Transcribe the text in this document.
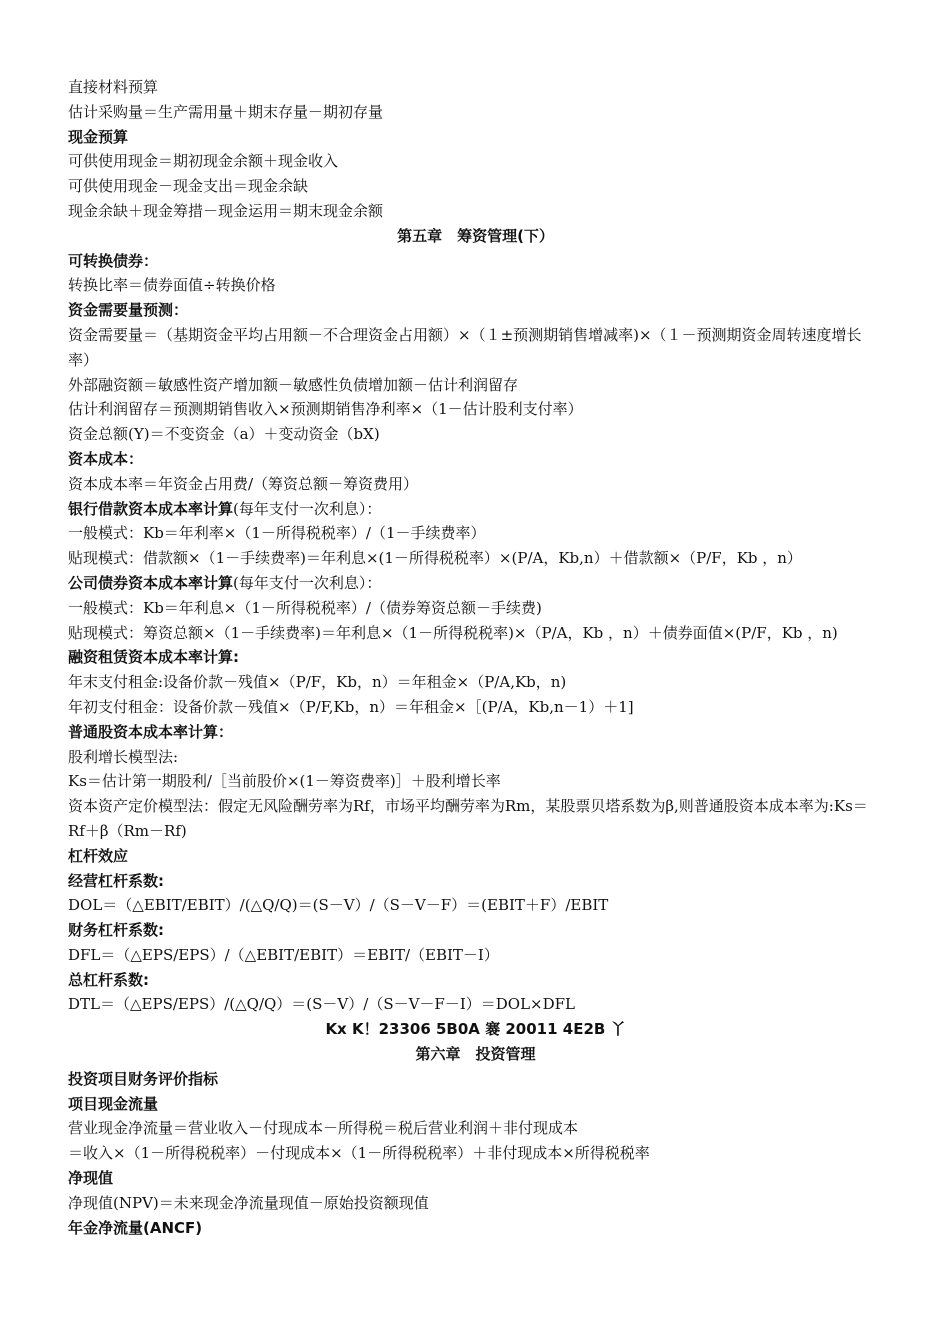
直接材料预算
估计采购量＝生产需用量＋期末存量－期初存量
现金预算
可供使用现金＝期初现金余额＋现金收入
可供使用现金－现金支出＝现金余缺
现金余缺＋现金筹措－现金运用＝期末现金余额
第五章　筹资管理(下）
可转换债券：
转换比率＝债券面值÷转换价格
资金需要量预测：
资金需要量＝（基期资金平均占用额－不合理资金占用额）×（１±预测期销售增减率)×（１－预测期资金周转速度增长率）
外部融资额＝敏感性资产增加额－敏感性负债增加额－估计利润留存
估计利润留存＝预测期销售收入×预测期销售净利率×（1－估计股利支付率）
资金总额(Y)＝不变资金（a）＋变动资金（bX)
资本成本：
资本成本率＝年资金占用费/（筹资总额－筹资费用）
银行借款资本成本率计算(每年支付一次利息）：
一般模式：Kb＝年利率×（1－所得税税率）/（1－手续费率）
贴现模式：借款额×（1－手续费率)＝年利息×(1－所得税税率）×(P/A，Kb,n）＋借款额×（P/F，Kb ，n）
公司债券资本成本率计算(每年支付一次利息）：
一般模式：Kb＝年利息×（1－所得税税率）/（债券筹资总额－手续费)
贴现模式：筹资总额×（1－手续费率)＝年利息×（1－所得税税率)×（P/A，Kb ，n）＋债券面值×(P/F，Kb ，n)
融资租赁资本成本率计算:
年末支付租金:设备价款－残值×（P/F，Kb，n）＝年租金×（P/A,Kb，n)
年初支付租金：设备价款－残值×（P/F,Kb，n）＝年租金×［(P/A，Kb,n－1）＋1]
普通股资本成本率计算：
股利增长模型法:
Ks＝估计第一期股利/［当前股价×(1－筹资费率)］＋股利增长率
资本资产定价模型法：假定无风险酬劳率为Rf，市场平均酬劳率为Rm，某股票贝塔系数为β,则普通股资本成本率为:Ks＝Rf＋β（Rm－Rf)
杠杆效应
经营杠杆系数:
DOL＝（△EBIT/EBIT）/(△Q/Q)＝(S－V）/（S－V－F）＝(EBIT＋F）/EBIT
财务杠杆系数:
DFL＝（△EPS/EPS）/（△EBIT/EBIT）＝EBIT/（EBIT－I）
总杠杆系数:
DTL＝（△EPS/EPS）/(△Q/Q）＝(S－V）/（S－V－F－I）＝DOL×DFL
Kx K！23306 5B0A 褰 20011 4E2B 丫
第六章　投资管理
投资项目财务评价指标
项目现金流量
营业现金净流量＝营业收入－付现成本－所得税＝税后营业利润＋非付现成本
＝收入×（1－所得税税率）－付现成本×（1－所得税税率）＋非付现成本×所得税税率
净现值
净现值(NPV)＝未来现金净流量现值－原始投资额现值
年金净流量(ANCF)
